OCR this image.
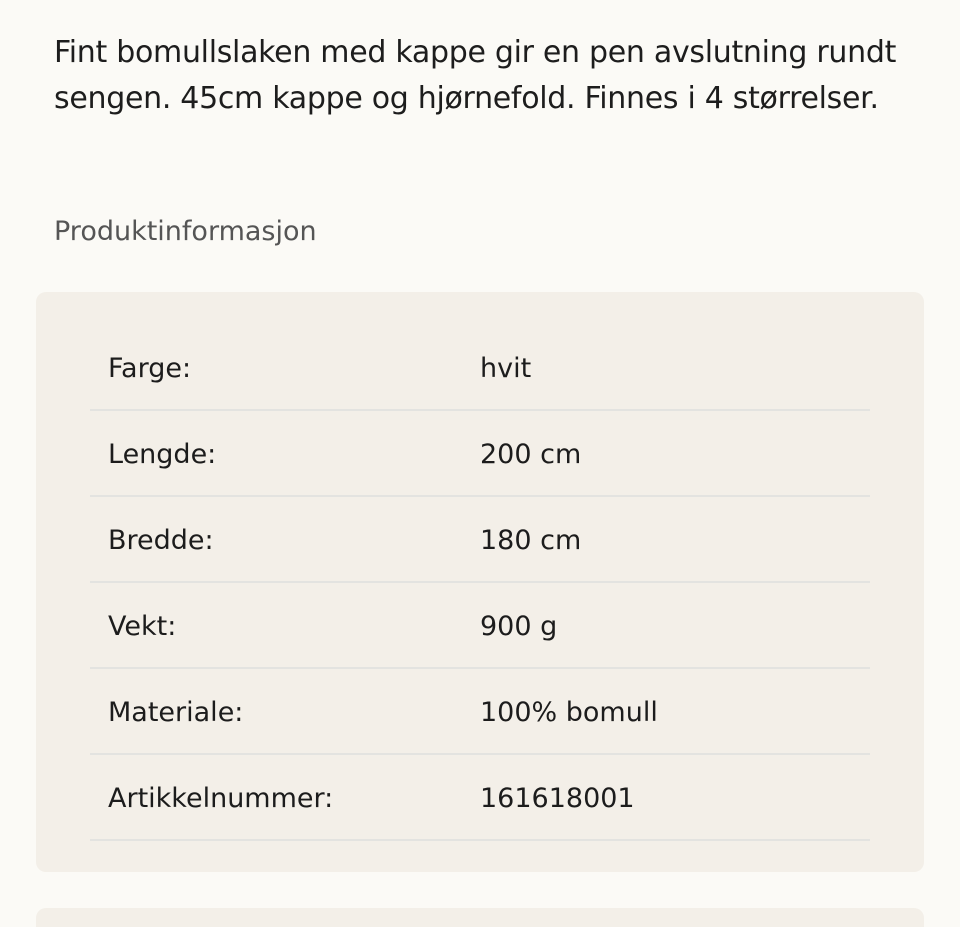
Fint bomullslaken med kappe gir en pen avslutning rundt sengen. 45cm kappe og hjørnefold. Finnes i 4 størrelser.

Produktinformasjon
Farge:	hvit
Lengde:	200 cm
Bredde:	180 cm
Vekt:	900 g
Materiale:	100% bomull
Artikkelnummer:	161618001
